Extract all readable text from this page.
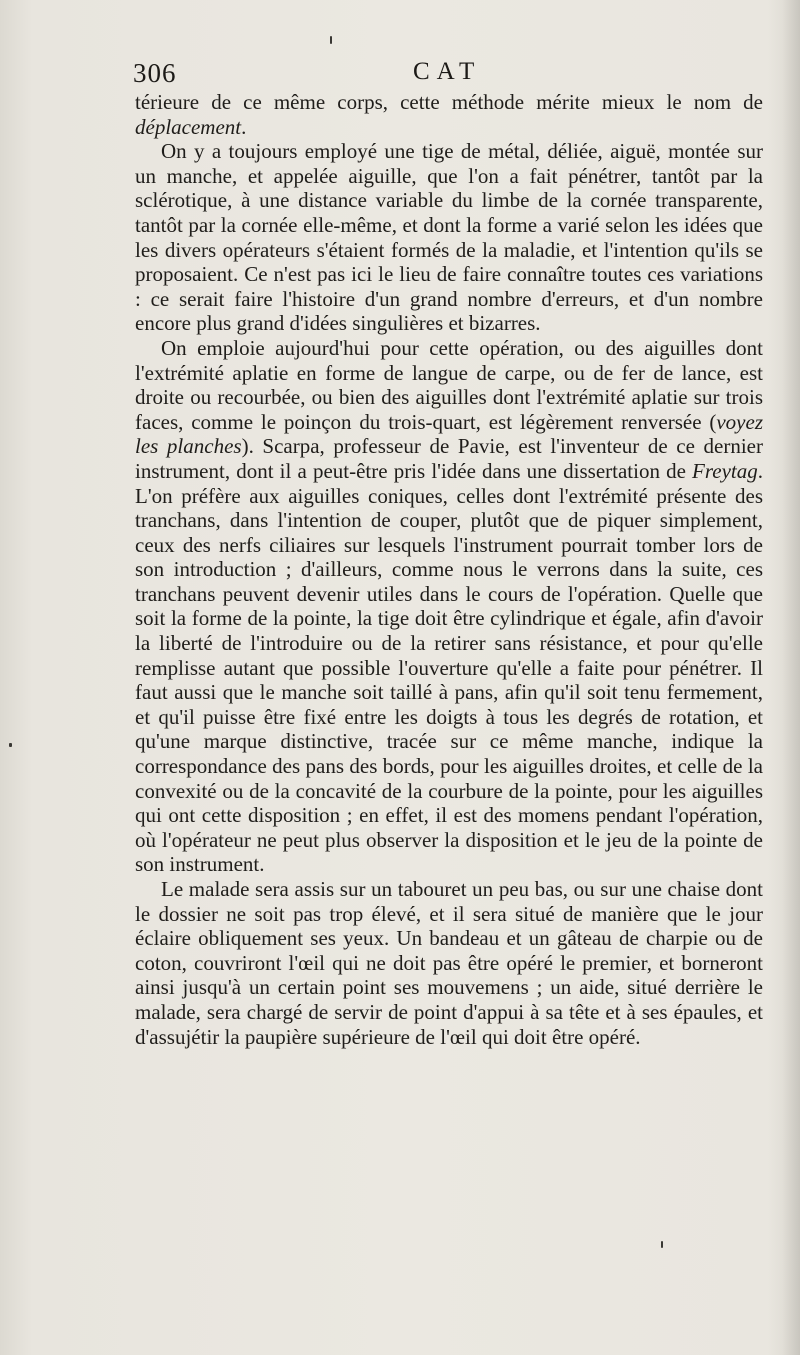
306	CAT

térieure de ce même corps, cette méthode mérite mieux le nom de déplacement.

On y a toujours employé une tige de métal, déliée, aiguë, montée sur un manche, et appelée aiguille, que l'on a fait pénétrer, tantôt par la sclérotique, à une distance variable du limbe de la cornée transparente, tantôt par la cornée elle-même, et dont la forme a varié selon les idées que les divers opérateurs s'étaient formés de la maladie, et l'intention qu'ils se proposaient. Ce n'est pas ici le lieu de faire connaître toutes ces variations : ce serait faire l'histoire d'un grand nombre d'erreurs, et d'un nombre encore plus grand d'idées singulières et bizarres.

On emploie aujourd'hui pour cette opération, ou des aiguilles dont l'extrémité aplatie en forme de langue de carpe, ou de fer de lance, est droite ou recourbée, ou bien des aiguilles dont l'extrémité aplatie sur trois faces, comme le poinçon du trois-quart, est légèrement renversée (voyez les planches). Scarpa, professeur de Pavie, est l'inventeur de ce dernier instrument, dont il a peut-être pris l'idée dans une dissertation de Freytag. L'on préfère aux aiguilles coniques, celles dont l'extrémité présente des tranchans, dans l'intention de couper, plutôt que de piquer simplement, ceux des nerfs ciliaires sur lesquels l'instrument pourrait tomber lors de son introduction ; d'ailleurs, comme nous le verrons dans la suite, ces tranchans peuvent devenir utiles dans le cours de l'opération. Quelle que soit la forme de la pointe, la tige doit être cylindrique et égale, afin d'avoir la liberté de l'introduire ou de la retirer sans résistance, et pour qu'elle remplisse autant que possible l'ouverture qu'elle a faite pour pénétrer. Il faut aussi que le manche soit taillé à pans, afin qu'il soit tenu fermement, et qu'il puisse être fixé entre les doigts à tous les degrés de rotation, et qu'une marque distinctive, tracée sur ce même manche, indique la correspondance des pans des bords, pour les aiguilles droites, et celle de la convexité ou de la concavité de la courbure de la pointe, pour les aiguilles qui ont cette disposition ; en effet, il est des momens pendant l'opération, où l'opérateur ne peut plus observer la disposition et le jeu de la pointe de son instrument.

Le malade sera assis sur un tabouret un peu bas, ou sur une chaise dont le dossier ne soit pas trop élevé, et il sera situé de manière que le jour éclaire obliquement ses yeux. Un bandeau et un gâteau de charpie ou de coton, couvriront l'œil qui ne doit pas être opéré le premier, et borneront ainsi jusqu'à un certain point ses mouvemens ; un aide, situé derrière le malade, sera chargé de servir de point d'appui à sa tête et à ses épaules, et d'assujétir la paupière supérieure de l'œil qui doit être opéré.
